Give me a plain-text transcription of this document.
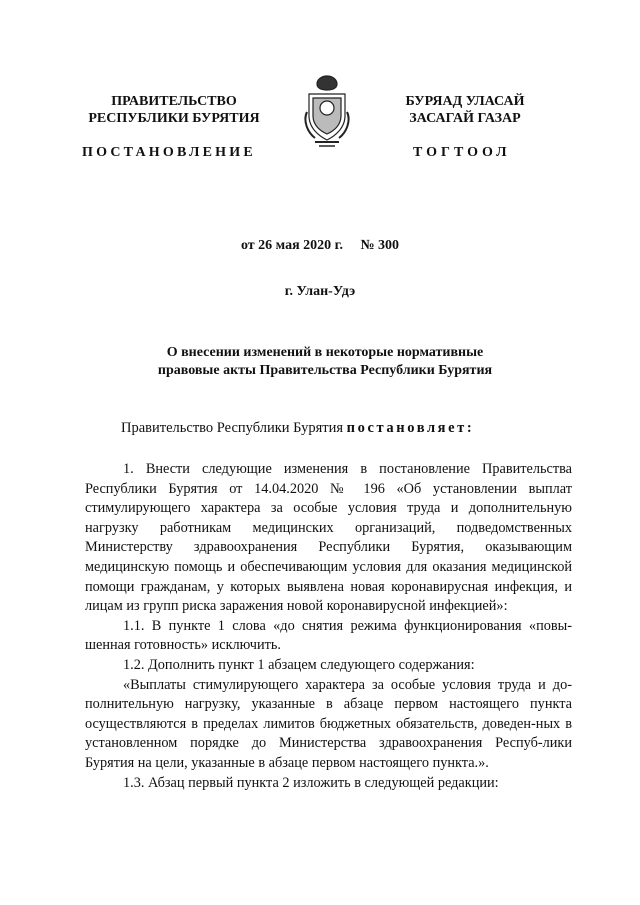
ПРАВИТЕЛЬСТВО
РЕСПУБЛИКИ БУРЯТИЯ
БУРЯАД УЛАСАЙ
ЗАСАГАЙ ГАЗАР
ПОСТАНОВЛЕНИЕ	ТОГТООЛ
от 26 мая 2020 г. № 300
г. Улан-Удэ
О внесении изменений в некоторые нормативные
правовые акты Правительства Республики Бурятия
Правительство Республики Бурятия постановляет:

1. Внести следующие изменения в постановление Правительства Республики Бурятия от 14.04.2020 № 196 «Об установлении выплат стимулирующего характера за особые условия труда и дополнительную нагрузку работникам медицинских организаций, подведомственных Министерству здравоохранения Республики Бурятия, оказывающим медицинскую помощь и обеспечивающим условия для оказания медицинской помощи гражданам, у которых выявлена новая коронавирусная инфекция, и лицам из групп риска заражения новой коронавирусной инфекцией»:

1.1. В пункте 1 слова «до снятия режима функционирования «повы-шенная готовность» исключить.

1.2. Дополнить пункт 1 абзацем следующего содержания:

«Выплаты стимулирующего характера за особые условия труда и до-полнительную нагрузку, указанные в абзаце первом настоящего пункта осуществляются в пределах лимитов бюджетных обязательств, доведен-ных в установленном порядке до Министерства здравоохранения Респуб-лики Бурятия на цели, указанные в абзаце первом настоящего пункта.».

1.3. Абзац первый пункта 2 изложить в следующей редакции:
